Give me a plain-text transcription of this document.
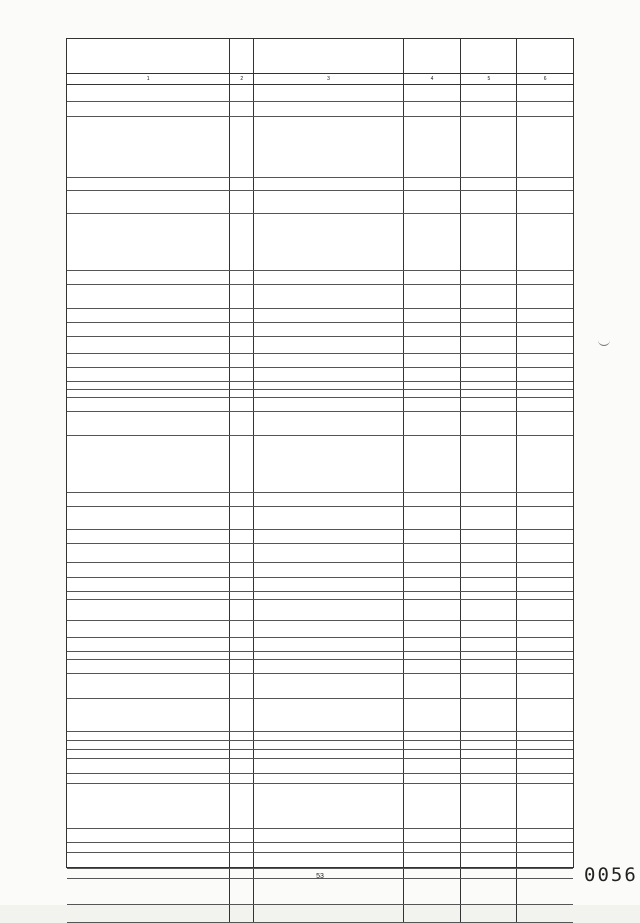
1	2	3	4	5	6
53	0056
